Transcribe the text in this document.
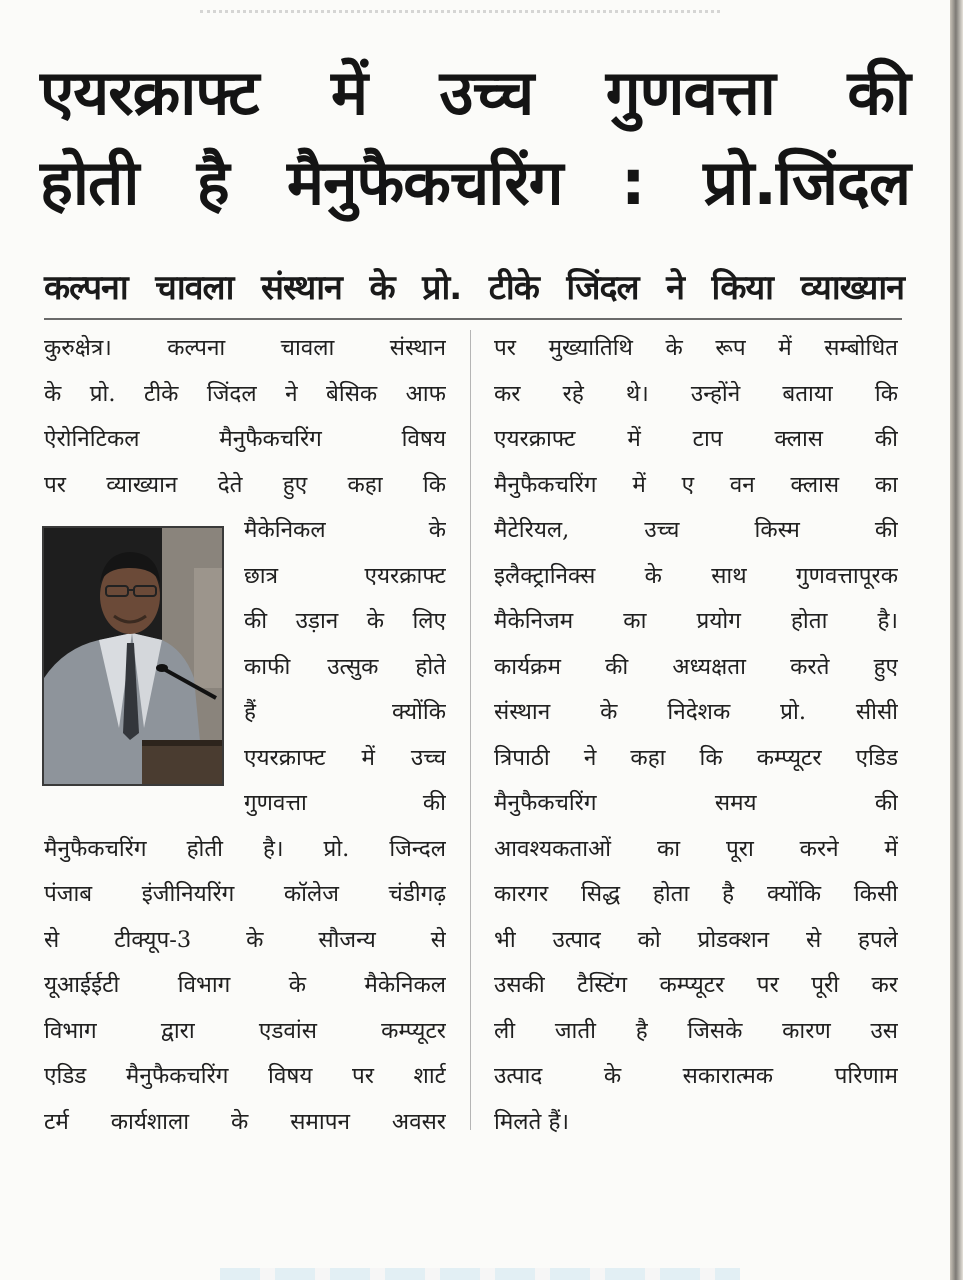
एयरक्राफ्ट में उच्च गुणवत्ता की
होती है मैनुफैकचरिंग : प्रो.जिंदल
कल्पना चावला संस्थान के प्रो. टीके जिंदल ने किया व्याख्यान
कुरुक्षेत्र। कल्पना चावला संस्थान
के प्रो. टीके जिंदल ने बेसिक आफ
ऐरोनिटिकल मैनुफैकचरिंग विषय
पर व्याख्यान देते हुए कहा कि
मैकेनिकल के
छात्र एयरक्राफ्ट
की उड़ान के लिए
काफी उत्सुक होते
हैं क्योंकि
एयरक्राफ्ट में उच्च
गुणवत्ता की
मैनुफैकचरिंग होती है। प्रो. जिन्दल
पंजाब इंजीनियरिंग कॉलेज चंडीगढ़
से टीक्यूप-3 के सौजन्य से
यूआईईटी विभाग के मैकेनिकल
विभाग द्वारा एडवांस कम्प्यूटर
एडिड मैनुफैकचरिंग विषय पर शार्ट
टर्म कार्यशाला के समापन अवसर
पर मुख्यातिथि के रूप में सम्बोधित
कर रहे थे। उन्होंने बताया कि
एयरक्राफ्ट में टाप क्लास की
मैनुफैकचरिंग में ए वन क्लास का
मैटेरियल, उच्च किस्म की
इलैक्ट्रानिक्स के साथ गुणवत्तापूरक
मैकेनिजम का प्रयोग होता है।
कार्यक्रम की अध्यक्षता करते हुए
संस्थान के निदेशक प्रो. सीसी
त्रिपाठी ने कहा कि कम्प्यूटर एडिड
मैनुफैकचरिंग समय की
आवश्यकताओं का पूरा करने में
कारगर सिद्ध होता है क्योंकि किसी
भी उत्पाद को प्रोडक्शन से हपले
उसकी टैस्टिंग कम्प्यूटर पर पूरी कर
ली जाती है जिसके कारण उस
उत्पाद के सकारात्मक परिणाम
मिलते हैं।
